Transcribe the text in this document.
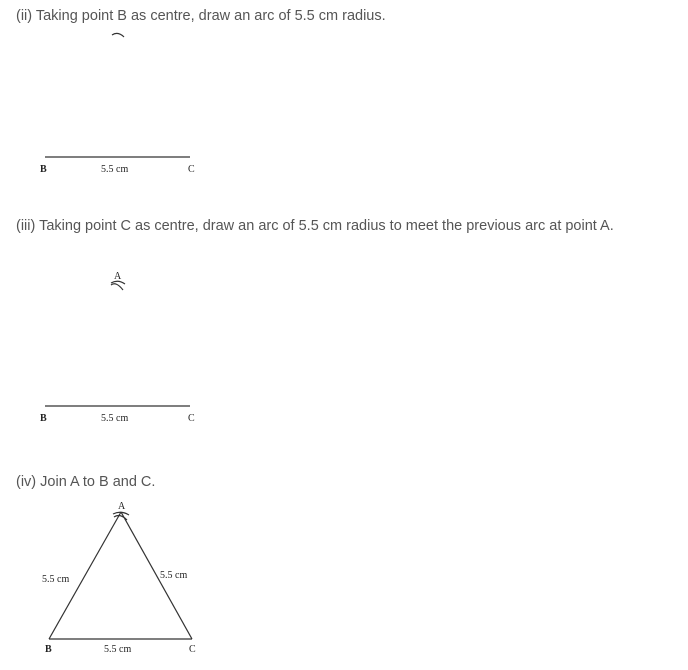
(ii) Taking point B as centre, draw an arc of 5.5 cm radius.
(iii) Taking point C as centre, draw an arc of 5.5 cm radius to meet the previous arc at point A.
(iv) Join A to B and C.
B	5.5 cm	C
A
B	5.5 cm	C
A
5.5 cm	5.5 cm
B	5.5 cm	C
